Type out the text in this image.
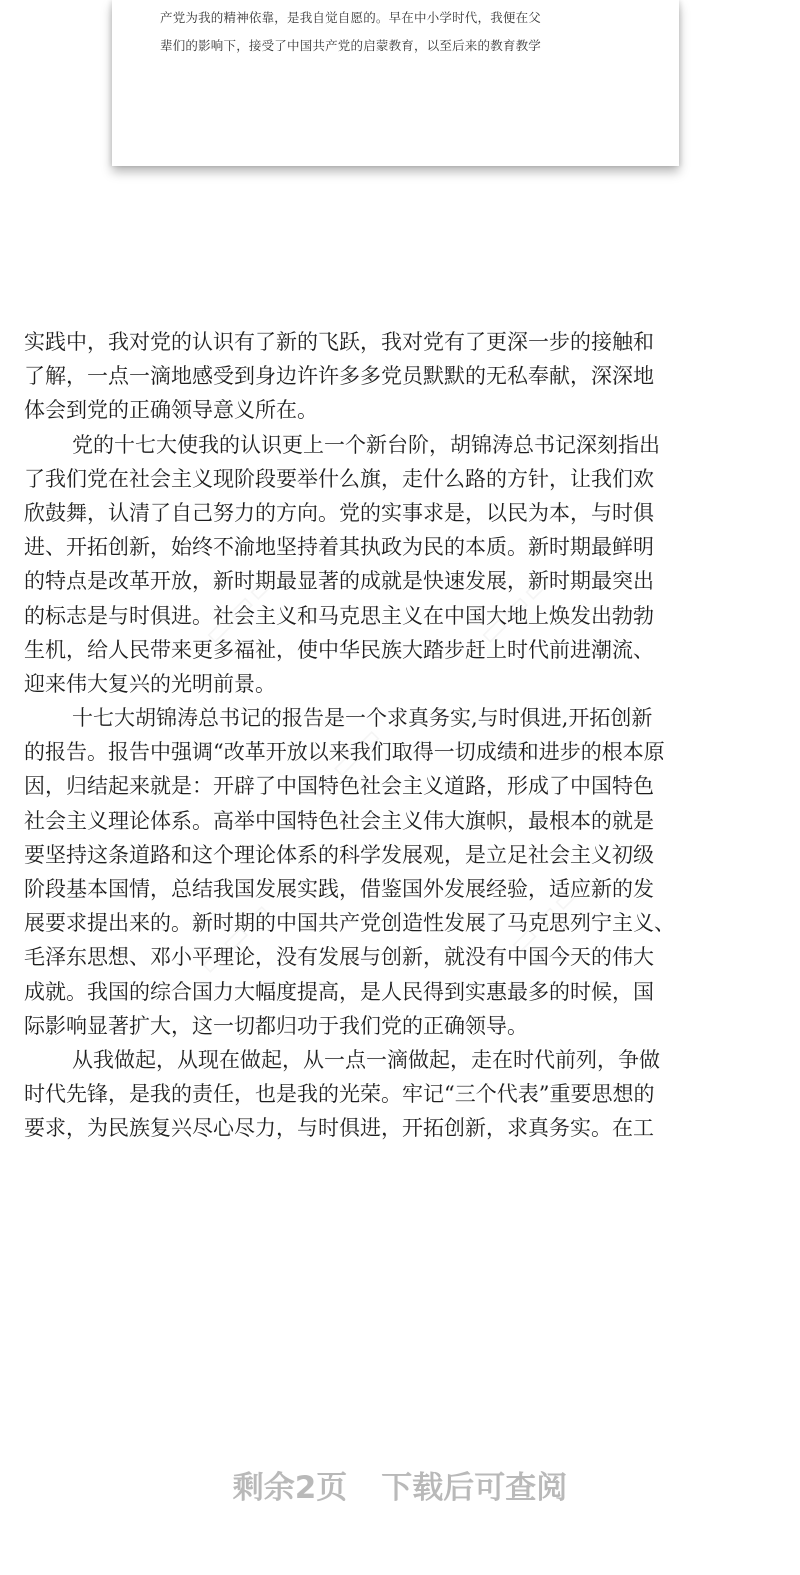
产党为我的精神依靠，是我自觉自愿的。早在中小学时代，我便在父
辈们的影响下，接受了中国共产党的启蒙教育，以至后来的教育教学
▭▭▭	▭▭▭
▭▭▭
▭▭▭	▭▭▭
实践中，我对党的认识有了新的飞跃，我对党有了更深一步的接触和
了解，一点一滴地感受到身边许许多多党员默默的无私奉献，深深地
体会到党的正确领导意义所在。
党的十七大使我的认识更上一个新台阶，胡锦涛总书记深刻指出
了我们党在社会主义现阶段要举什么旗，走什么路的方针，让我们欢
欣鼓舞，认清了自己努力的方向。党的实事求是，以民为本，与时俱
进、开拓创新，始终不渝地坚持着其执政为民的本质。新时期最鲜明
的特点是改革开放，新时期最显著的成就是快速发展，新时期最突出
的标志是与时俱进。社会主义和马克思主义在中国大地上焕发出勃勃
生机，给人民带来更多福祉，使中华民族大踏步赶上时代前进潮流、
迎来伟大复兴的光明前景。
十七大胡锦涛总书记的报告是一个求真务实,与时俱进,开拓创新
的报告。报告中强调“改革开放以来我们取得一切成绩和进步的根本原
因，归结起来就是：开辟了中国特色社会主义道路，形成了中国特色
社会主义理论体系。高举中国特色社会主义伟大旗帜，最根本的就是
要坚持这条道路和这个理论体系的科学发展观，是立足社会主义初级
阶段基本国情，总结我国发展实践，借鉴国外发展经验，适应新的发
展要求提出来的。新时期的中国共产党创造性发展了马克思列宁主义、
毛泽东思想、邓小平理论，没有发展与创新，就没有中国今天的伟大
成就。我国的综合国力大幅度提高，是人民得到实惠最多的时候，国
际影响显著扩大，这一切都归功于我们党的正确领导。
从我做起，从现在做起，从一点一滴做起，走在时代前列，争做
时代先锋，是我的责任，也是我的光荣。牢记“三个代表”重要思想的
要求，为民族复兴尽心尽力，与时俱进，开拓创新，求真务实。在工
剩余2页 下载后可查阅
